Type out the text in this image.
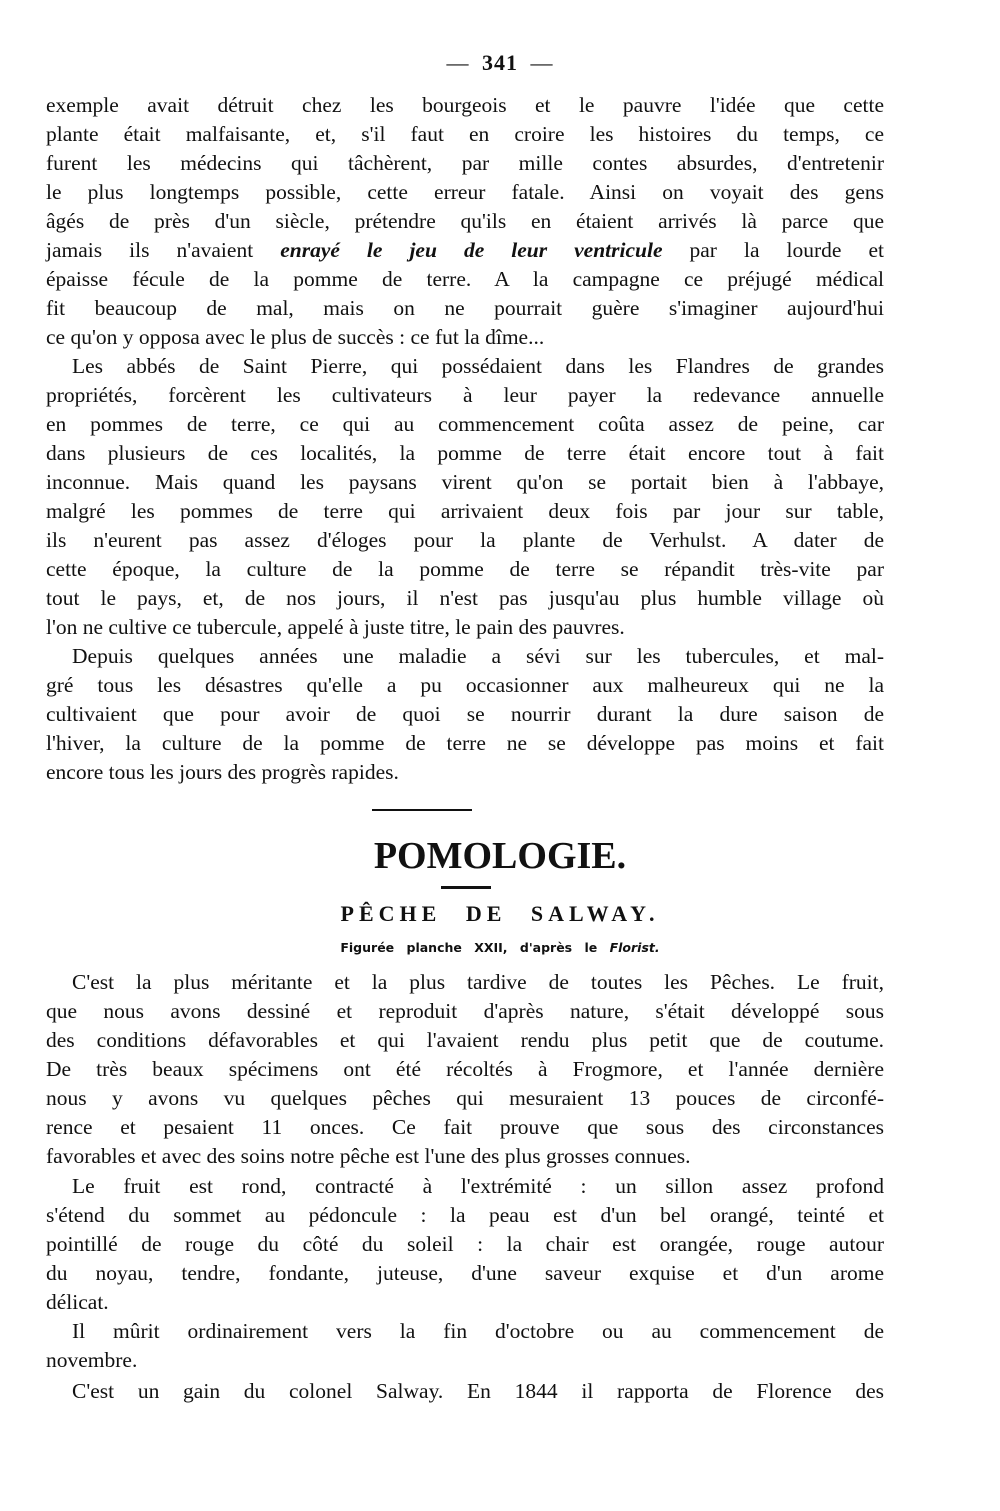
— 341 —
exemple avait détruit chez les bourgeois et le pauvre l'idée que cette
plante était malfaisante, et, s'il faut en croire les histoires du temps, ce
furent les médecins qui tâchèrent, par mille contes absurdes, d'entretenir
le plus longtemps possible, cette erreur fatale. Ainsi on voyait des gens
âgés de près d'un siècle, prétendre qu'ils en étaient arrivés là parce que
jamais ils n'avaient enrayé le jeu de leur ventricule par la lourde et
épaisse fécule de la pomme de terre. A la campagne ce préjugé médical
fit beaucoup de mal, mais on ne pourrait guère s'imaginer aujourd'hui
ce qu'on y opposa avec le plus de succès : ce fut la dîme...
Les abbés de Saint Pierre, qui possédaient dans les Flandres de grandes
propriétés, forcèrent les cultivateurs à leur payer la redevance annuelle
en pommes de terre, ce qui au commencement coûta assez de peine, car
dans plusieurs de ces localités, la pomme de terre était encore tout à fait
inconnue. Mais quand les paysans virent qu'on se portait bien à l'abbaye,
malgré les pommes de terre qui arrivaient deux fois par jour sur table,
ils n'eurent pas assez d'éloges pour la plante de Verhulst. A dater de
cette époque, la culture de la pomme de terre se répandit très-vite par
tout le pays, et, de nos jours, il n'est pas jusqu'au plus humble village où
l'on ne cultive ce tubercule, appelé à juste titre, le pain des pauvres.
Depuis quelques années une maladie a sévi sur les tubercules, et mal-
gré tous les désastres qu'elle a pu occasionner aux malheureux qui ne la
cultivaient que pour avoir de quoi se nourrir durant la dure saison de
l'hiver, la culture de la pomme de terre ne se développe pas moins et fait
encore tous les jours des progrès rapides.
POMOLOGIE.
PÊCHE DE SALWAY.
Figurée planche XXII, d'après le Florist.
C'est la plus méritante et la plus tardive de toutes les Pêches. Le fruit,
que nous avons dessiné et reproduit d'après nature, s'était développé sous
des conditions défavorables et qui l'avaient rendu plus petit que de coutume.
De très beaux spécimens ont été récoltés à Frogmore, et l'année dernière
nous y avons vu quelques pêches qui mesuraient 13 pouces de circonfé-
rence et pesaient 11 onces. Ce fait prouve que sous des circonstances
favorables et avec des soins notre pêche est l'une des plus grosses connues.
Le fruit est rond, contracté à l'extrémité : un sillon assez profond
s'étend du sommet au pédoncule : la peau est d'un bel orangé, teinté et
pointillé de rouge du côté du soleil : la chair est orangée, rouge autour
du noyau, tendre, fondante, juteuse, d'une saveur exquise et d'un arome
délicat.
Il mûrit ordinairement vers la fin d'octobre ou au commencement de
novembre.
C'est un gain du colonel Salway. En 1844 il rapporta de Florence des
